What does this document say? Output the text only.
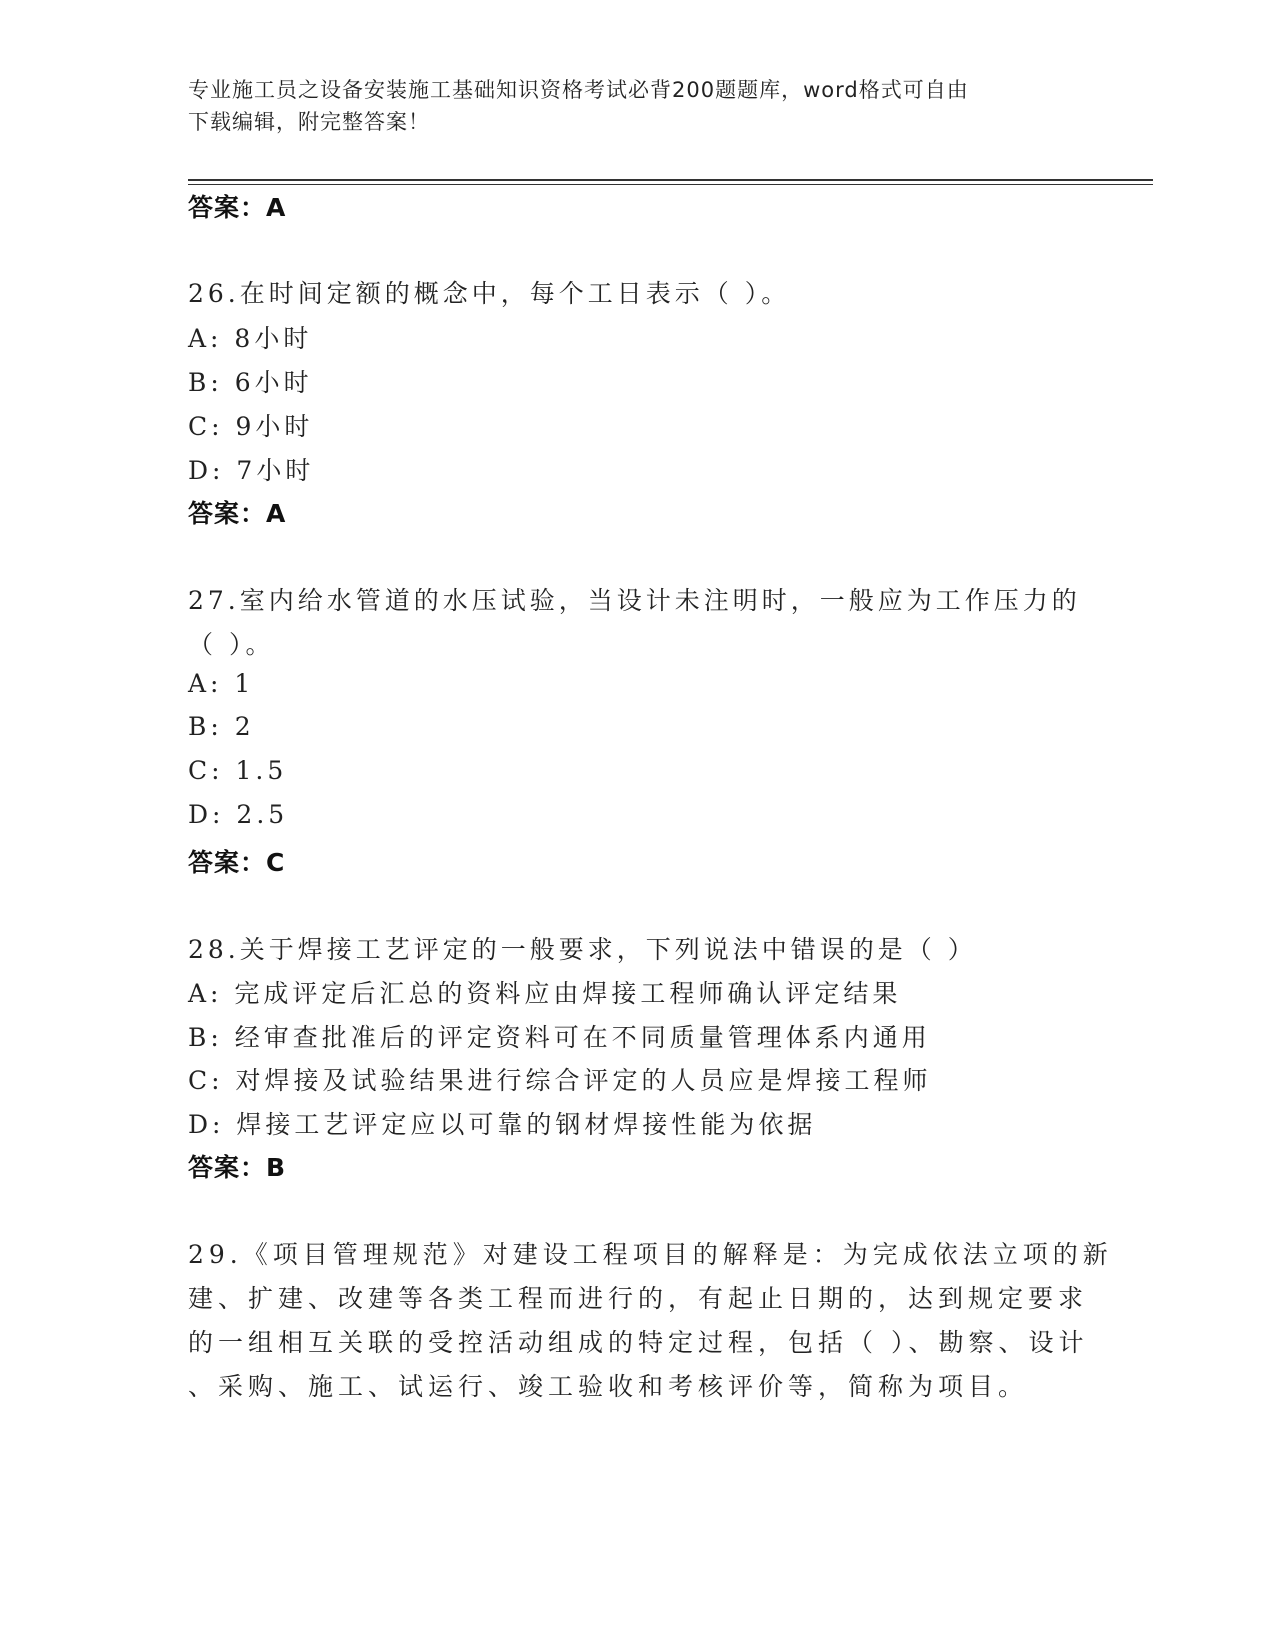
专业施工员之设备安装施工基础知识资格考试必背200题题库，word格式可自由
下载编辑，附完整答案！
答案：A
26.在时间定额的概念中，每个工日表示（ ）。
A: 8小时
B: 6小时
C: 9小时
D: 7小时
答案：A
27.室内给水管道的水压试验，当设计未注明时，一般应为工作压力的
（ ）。
A: 1
B: 2
C: 1.5
D: 2.5
答案：C
28.关于焊接工艺评定的一般要求，下列说法中错误的是（ ）
A: 完成评定后汇总的资料应由焊接工程师确认评定结果
B: 经审查批准后的评定资料可在不同质量管理体系内通用
C: 对焊接及试验结果进行综合评定的人员应是焊接工程师
D: 焊接工艺评定应以可靠的钢材焊接性能为依据
答案：B
29.《项目管理规范》对建设工程项目的解释是：为完成依法立项的新
建、扩建、改建等各类工程而进行的，有起止日期的，达到规定要求
的一组相互关联的受控活动组成的特定过程，包括（ ）、勘察、设计
、采购、施工、试运行、竣工验收和考核评价等，简称为项目。
